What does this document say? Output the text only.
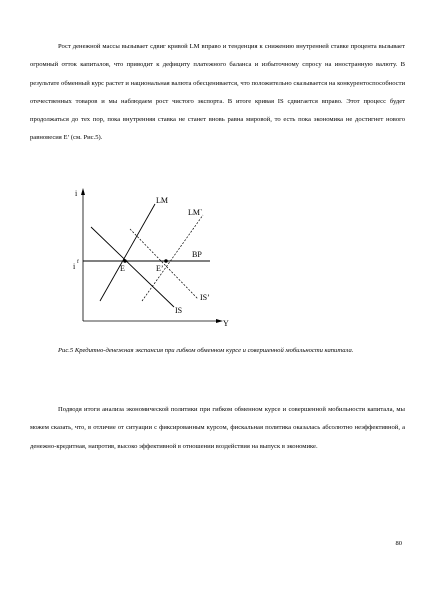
Рост денежной массы вызывает сдвиг кривой LM вправо и тенденция к снижению внутренней ставке процента вызывает огромный отток капиталов, что приводит к дефициту платежного баланса и избыточному спросу на иностранную валюту. В результате обменный курс растет и национальная валюта обесценивается, что положительно сказывается на конкурентоспособности отечественных товаров и мы наблюдаем рост чистого экспорта. В итоге кривая IS сдвигается вправо. Этот процесс будет продолжаться до тех пор, пока внутренняя ставка не станет вновь равна мировой, то есть пока экономика не достигнет нового равновесия E’ (см. Рис.5).

i
Y
BP
i f
LM
LM`
IS
IS’
E	E’

Рис.5 Кредитно-денежная экспансия при гибком обменном курсе и совершенной мобильности капитала.

Подводя итоги анализа экономической политики при гибком обменном курсе и совершенной мобильности капитала, мы можем сказать, что, в отличие от ситуации с фиксированным курсом, фискальная политика оказалась абсолютно неэффективной, а денежно-кредитная, напротив, высоко эффективной в отношении воздействия на выпуск в экономике.

80
